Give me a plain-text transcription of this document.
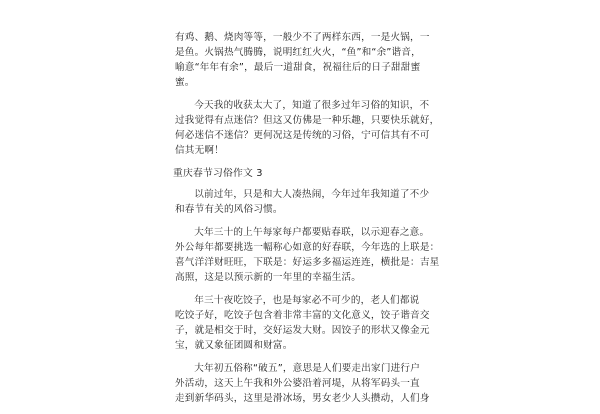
有鸡、鹅、烧肉等等，一般少不了两样东西，一是火锅，一
是鱼。火锅热气腾腾，说明红红火火，“鱼”和“余”谐音，
喻意“年年有余”，最后一道甜食，祝福往后的日子甜甜蜜
蜜。

今天我的收获太大了，知道了很多过年习俗的知识，不
过我觉得有点迷信？但这又仿佛是一种乐趣，只要快乐就好，
何必迷信不迷信？更何况这是传统的习俗，宁可信其有不可
信其无啊！

重庆春节习俗作文 3

以前过年，只是和大人凑热闹，今年过年我知道了不少
和春节有关的风俗习惯。

大年三十的上午每家每户都要贴春联，以示迎春之意。
外公每年都要挑选一幅称心如意的好春联，今年选的上联是：
喜气洋洋财旺旺，下联是：好运多多福运连连，横批是：吉星
高照，这是以预示新的一年里的幸福生活。

年三十夜吃饺子，也是每家必不可少的，老人们都说
吃饺子好，吃饺子包含着非常丰富的文化意义，饺子谐音交
子，就是相交于时，交好运发大财。因饺子的形状又像金元
宝，就又象征团圆和财富。

大年初五俗称“破五”，意思是人们要走出家门进行户
外活动，这天上午我和外公婆沿着河堤，从将军码头一直
走到新华码头，这里是滑冰场，男女老少人头攒动，人们身
